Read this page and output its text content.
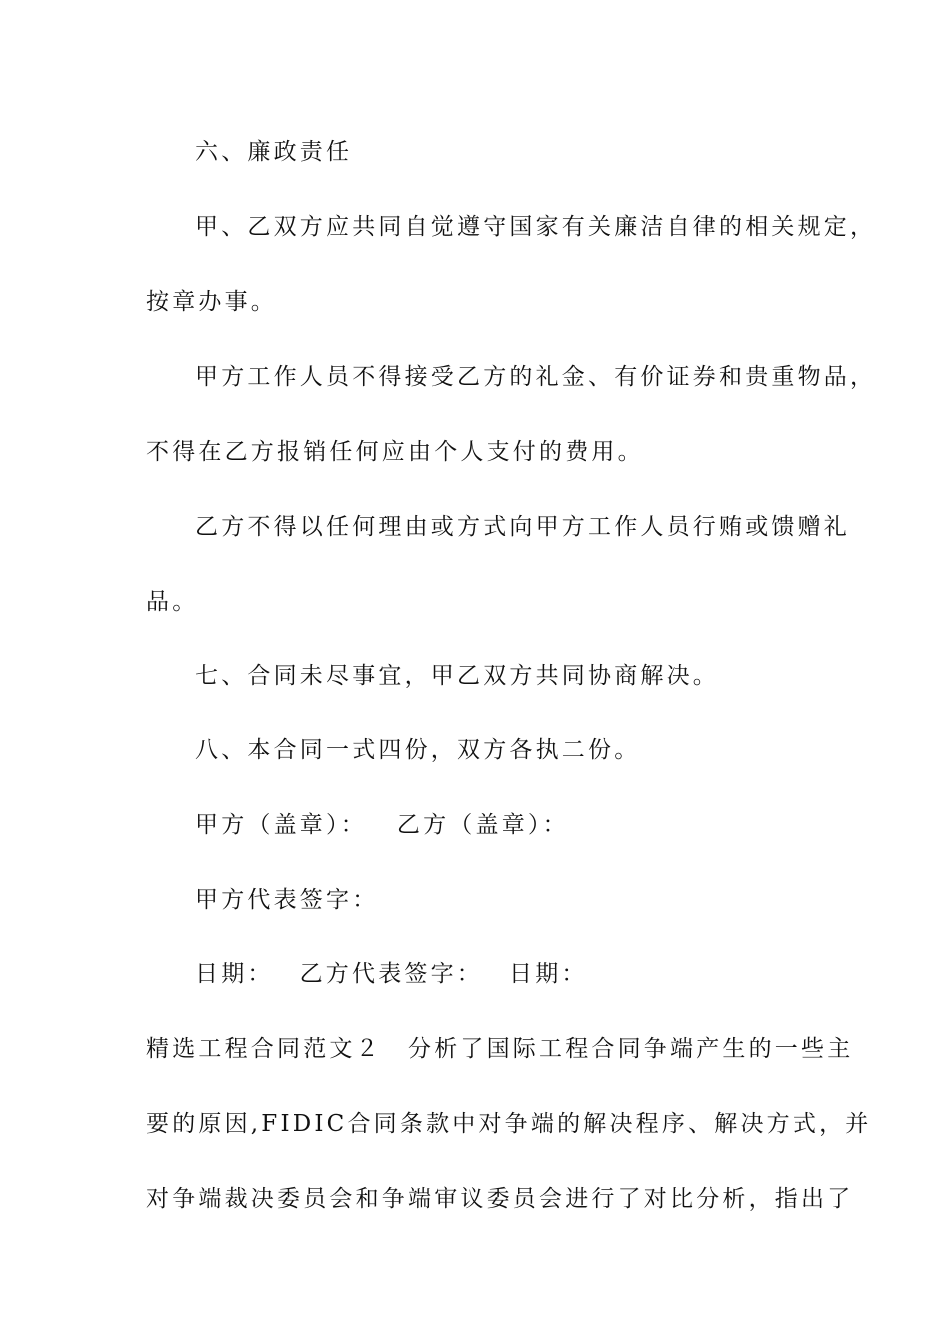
六、廉政责任
甲、乙双方应共同自觉遵守国家有关廉洁自律的相关规定，
按章办事。
甲方工作人员不得接受乙方的礼金、有价证券和贵重物品，
不得在乙方报销任何应由个人支付的费用。
乙方不得以任何理由或方式向甲方工作人员行贿或馈赠礼
品。
七、合同未尽事宜，甲乙双方共同协商解决。
八、本合同一式四份，双方各执二份。
甲方（盖章）： 乙方（盖章）：
甲方代表签字：
日期： 乙方代表签字： 日期：
精选工程合同范文２　分析了国际工程合同争端产生的一些主
要的原因,FIDIC合同条款中对争端的解决程序、解决方式，并
对争端裁决委员会和争端审议委员会进行了对比分析，指出了
